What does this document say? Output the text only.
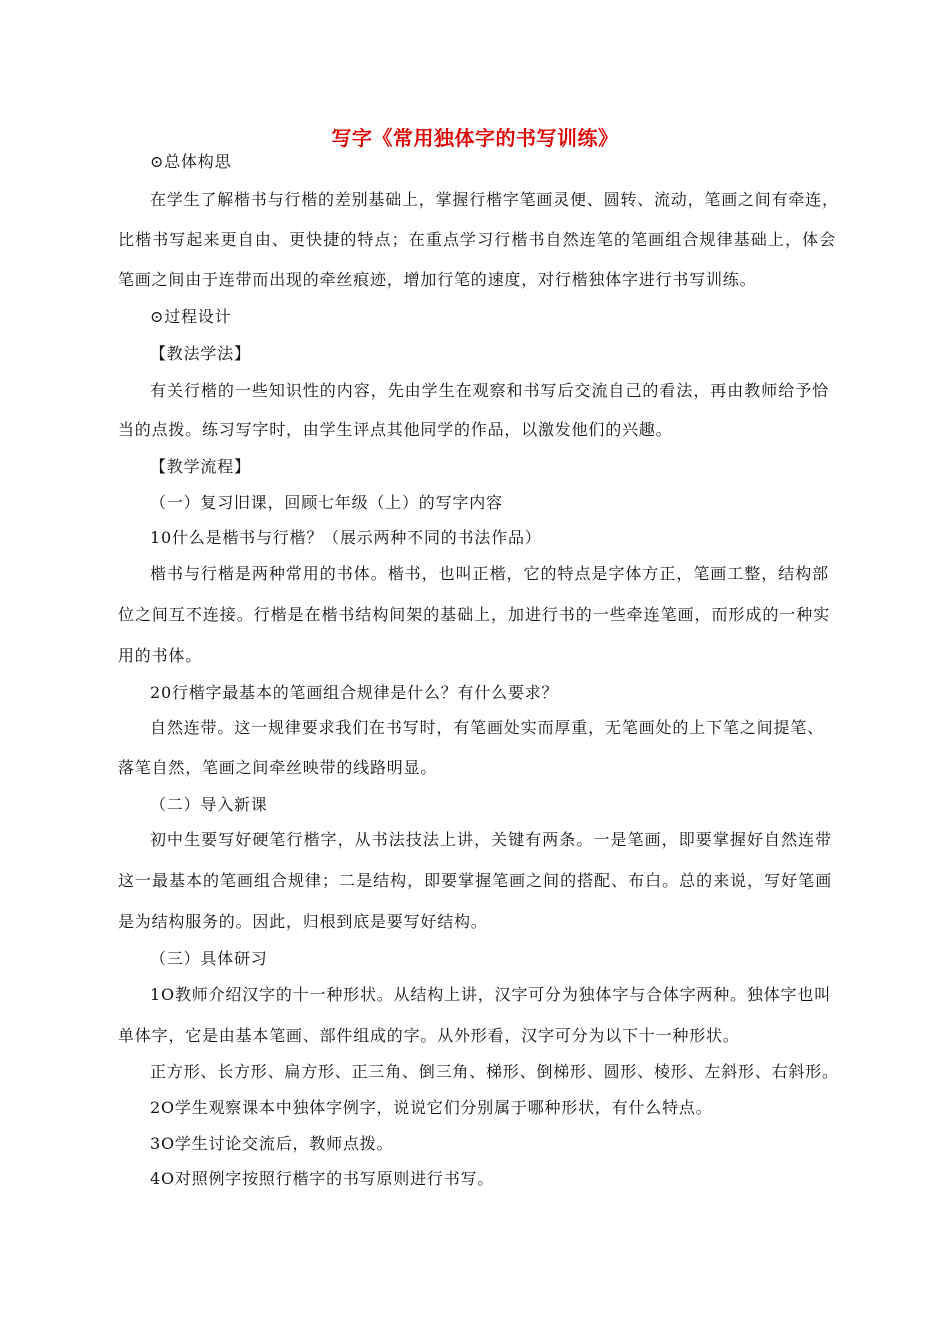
写字《常用独体字的书写训练》
⊙总体构思
在学生了解楷书与行楷的差别基础上，掌握行楷字笔画灵便、圆转、流动，笔画之间有牵连，
比楷书写起来更自由、更快捷的特点；在重点学习行楷书自然连笔的笔画组合规律基础上，体会
笔画之间由于连带而出现的牵丝痕迹，增加行笔的速度，对行楷独体字进行书写训练。
⊙过程设计
【教法学法】
有关行楷的一些知识性的内容，先由学生在观察和书写后交流自己的看法，再由教师给予恰
当的点拨。练习写字时，由学生评点其他同学的作品，以激发他们的兴趣。
【教学流程】
（一）复习旧课，回顾七年级（上）的写字内容
10什么是楷书与行楷？（展示两种不同的书法作品）
楷书与行楷是两种常用的书体。楷书，也叫正楷，它的特点是字体方正，笔画工整，结构部
位之间互不连接。行楷是在楷书结构间架的基础上，加进行书的一些牵连笔画，而形成的一种实
用的书体。
20行楷字最基本的笔画组合规律是什么？有什么要求？
自然连带。这一规律要求我们在书写时，有笔画处实而厚重，无笔画处的上下笔之间提笔、
落笔自然，笔画之间牵丝映带的线路明显。
（二）导入新课
初中生要写好硬笔行楷字，从书法技法上讲，关键有两条。一是笔画，即要掌握好自然连带
这一最基本的笔画组合规律；二是结构，即要掌握笔画之间的搭配、布白。总的来说，写好笔画
是为结构服务的。因此，归根到底是要写好结构。
（三）具体研习
1O教师介绍汉字的十一种形状。从结构上讲，汉字可分为独体字与合体字两种。独体字也叫
单体字，它是由基本笔画、部件组成的字。从外形看，汉字可分为以下十一种形状。
正方形、长方形、扁方形、正三角、倒三角、梯形、倒梯形、圆形、棱形、左斜形、右斜形。
2O学生观察课本中独体字例字，说说它们分别属于哪种形状，有什么特点。
3O学生讨论交流后，教师点拨。
4O对照例字按照行楷字的书写原则进行书写。
